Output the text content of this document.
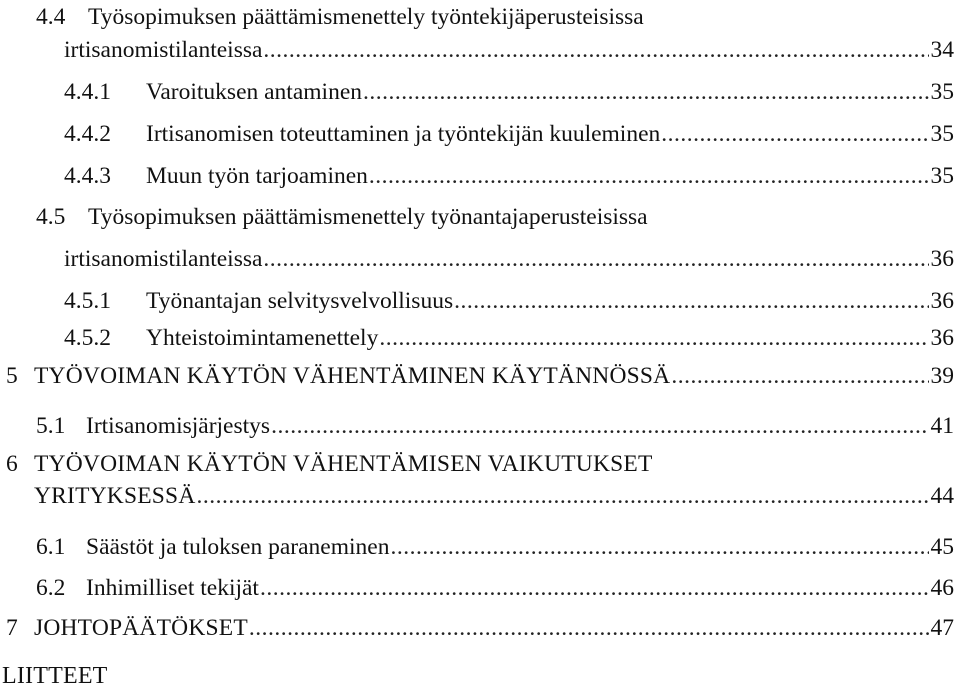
4.4 Työsopimuksen päättämismenettely työntekijäperusteisissa
irtisanomistilanteissa .....	34
4.4.1	Varoituksen antaminen .....	35
4.4.2	Irtisanomisen toteuttaminen ja työntekijän kuuleminen .....	35
4.4.3	Muun työn tarjoaminen .....	35
4.5 Työsopimuksen päättämismenettely työnantajaperusteisissa
irtisanomistilanteissa .....	36
4.5.1	Työnantajan selvitysvelvollisuus .....	36
4.5.2	Yhteistoimintamenettely .....	36
5 TYÖVOIMAN KÄYTÖN VÄHENTÄMINEN KÄYTÄNNÖSSÄ .....	39
5.1 Irtisanomisjärjestys .....	41
6 TYÖVOIMAN KÄYTÖN VÄHENTÄMISEN VAIKUTUKSET
YRITYKSESSÄ .....	44
6.1 Säästöt ja tuloksen paraneminen .....	45
6.2 Inhimilliset tekijät .....	46
7 JOHTOPÄÄTÖKSET .....	47
LIITTEET
